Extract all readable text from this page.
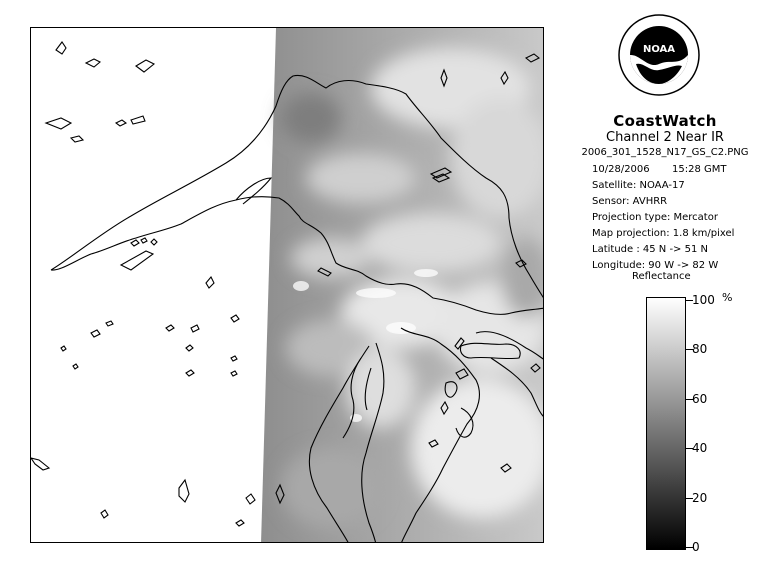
NOAA
CoastWatch
Channel 2 Near IR
2006_301_1528_N17_GS_C2.PNG
10/28/2006 15:28 GMT
Satellite: NOAA-17
Sensor: AVHRR
Projection type: Mercator
Map projection: 1.8 km/pixel
Latitude : 45 N -> 51 N
Longitude: 90 W -> 82 W
Reflectance
%
100
80
60
40
20
0
